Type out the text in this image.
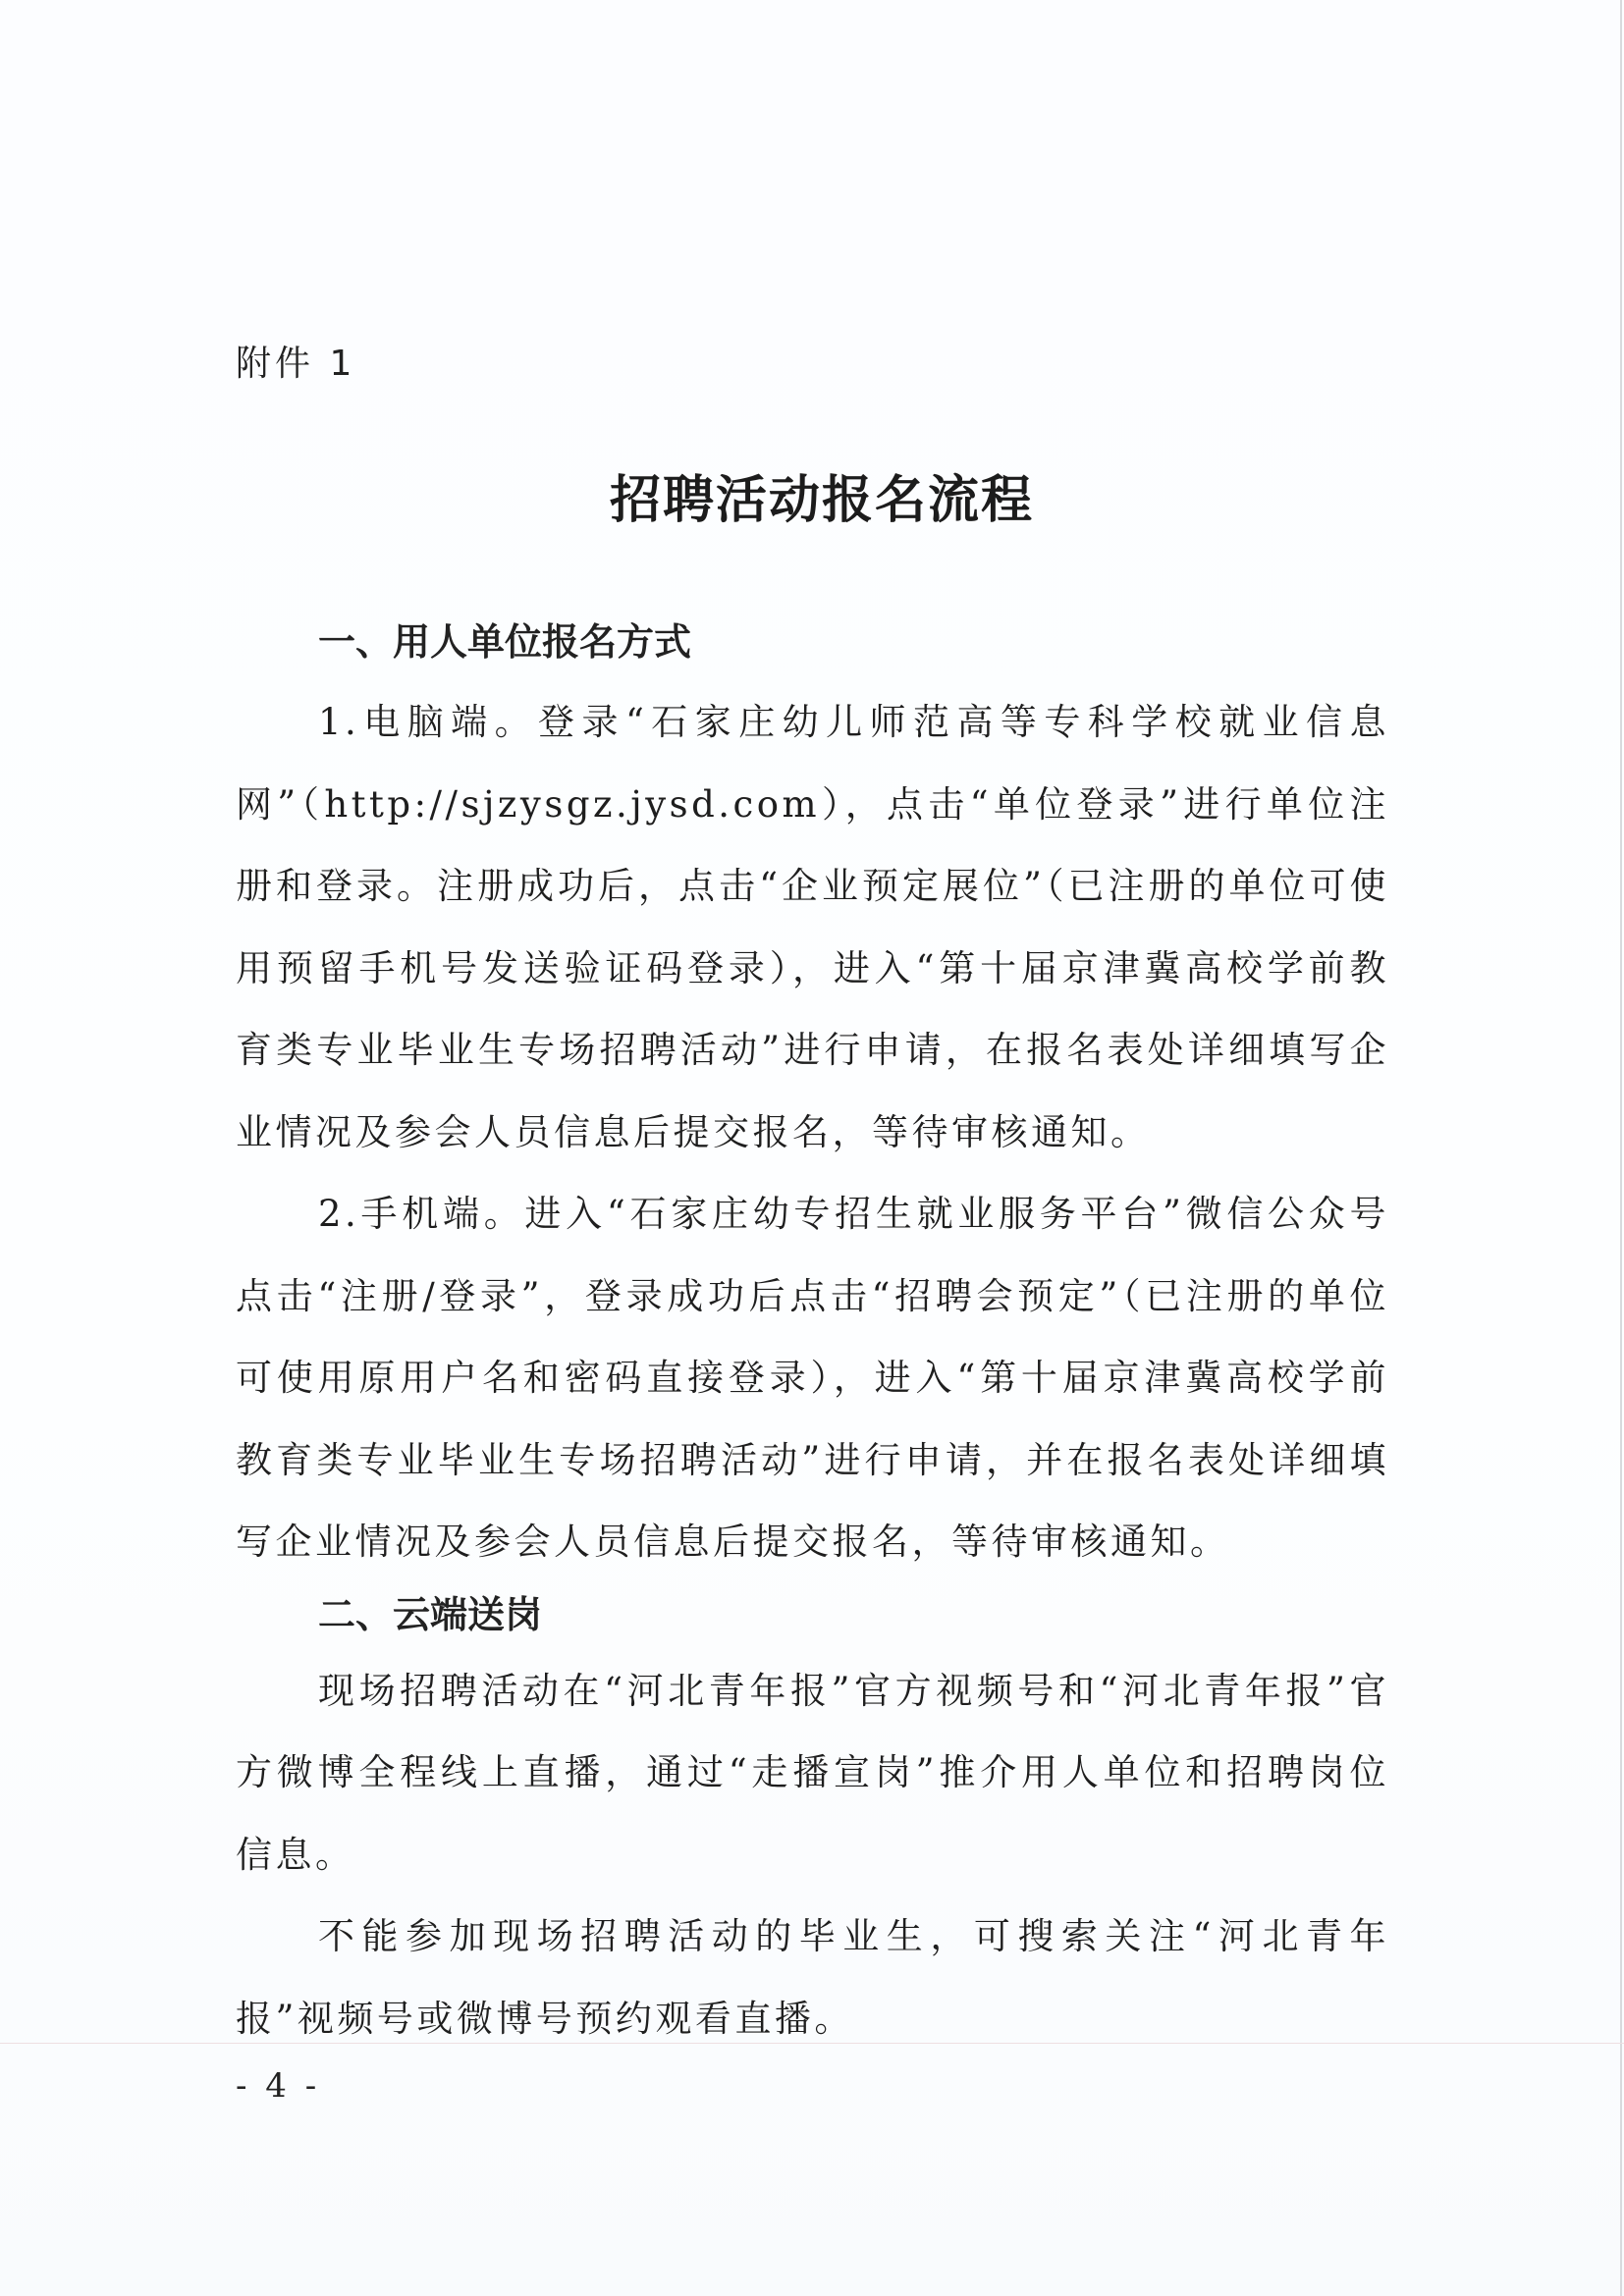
附件 1
招聘活动报名流程
一、用人单位报名方式

1.电脑端。登录“石家庄幼儿师范高等专科学校就业信息网”（http://sjzysgz.jysd.com），点击“单位登录”进行单位注册和登录。注册成功后，点击“企业预定展位”（已注册的单位可使用预留手机号发送验证码登录），进入“第十届京津冀高校学前教育类专业毕业生专场招聘活动”进行申请，在报名表处详细填写企业情况及参会人员信息后提交报名，等待审核通知。

2.手机端。进入“石家庄幼专招生就业服务平台”微信公众号点击“注册/登录”，登录成功后点击“招聘会预定”（已注册的单位可使用原用户名和密码直接登录），进入“第十届京津冀高校学前教育类专业毕业生专场招聘活动”进行申请，并在报名表处详细填写企业情况及参会人员信息后提交报名，等待审核通知。

二、云端送岗

现场招聘活动在“河北青年报”官方视频号和“河北青年报”官方微博全程线上直播，通过“走播宣岗”推介用人单位和招聘岗位信息。

不能参加现场招聘活动的毕业生，可搜索关注“河北青年报”视频号或微博号预约观看直播。

- 4 -
